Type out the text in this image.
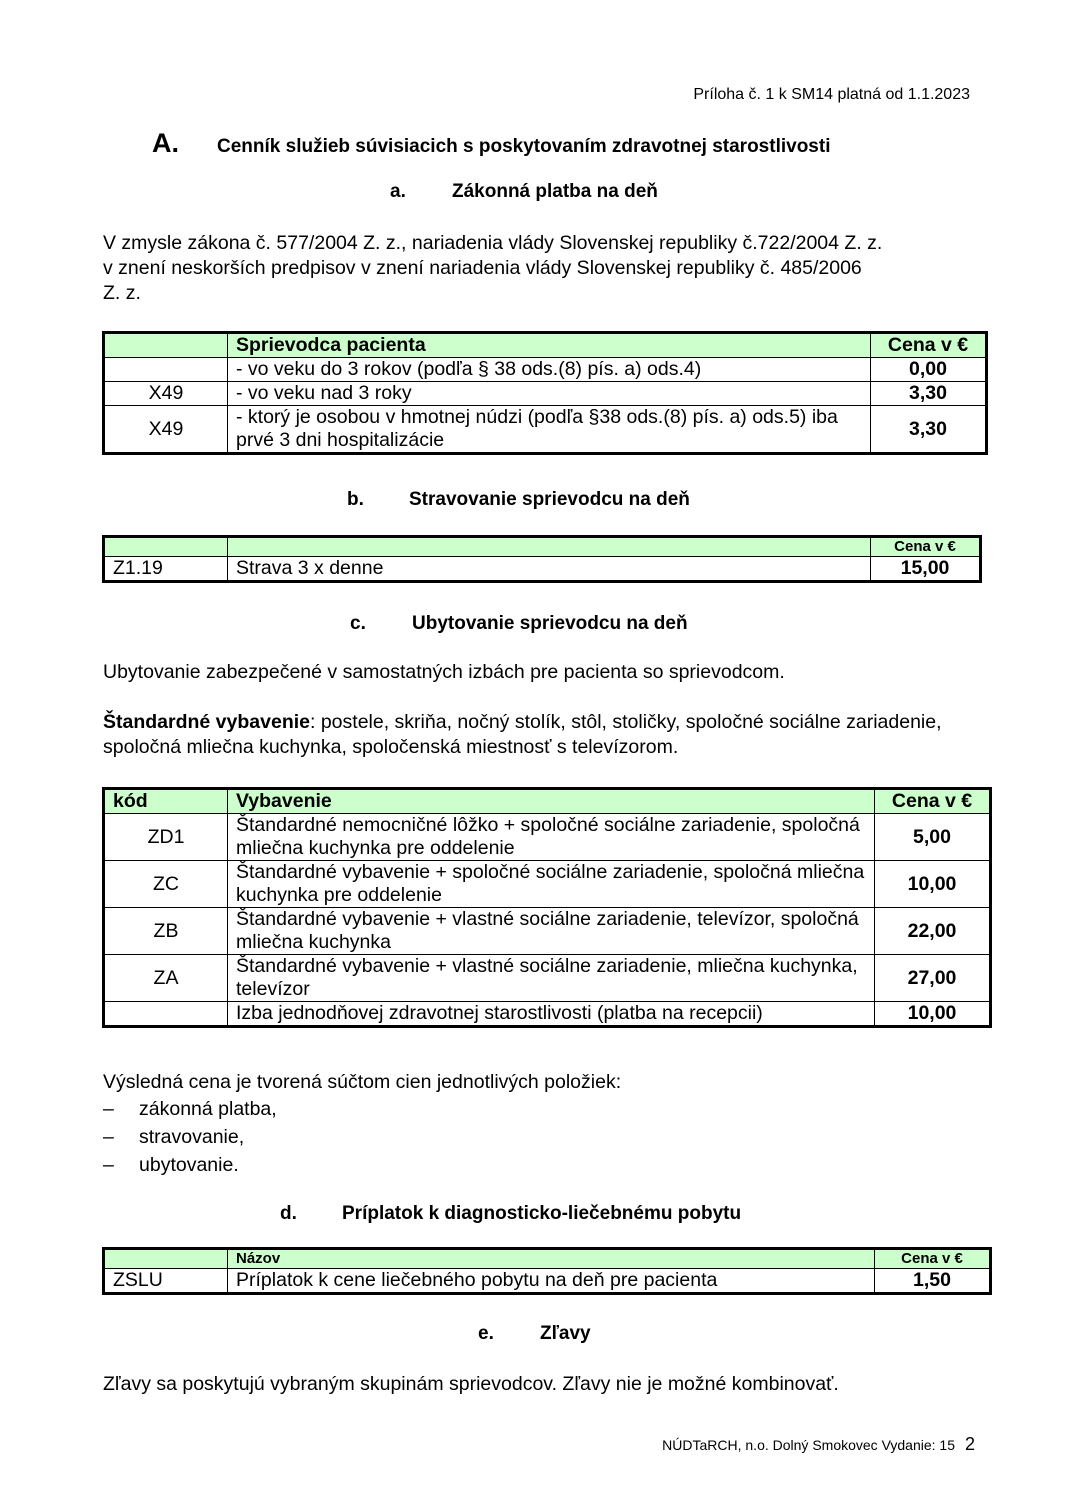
Príloha č. 1 k SM14 platná od 1.1.2023
A. Cenník služieb súvisiacich s poskytovaním zdravotnej starostlivosti
a. Zákonná platba na deň
V zmysle zákona č. 577/2004 Z. z., nariadenia vlády Slovenskej republiky č.722/2004 Z. z.
v znení neskorších predpisov v znení nariadenia vlády Slovenskej republiky č. 485/2006
Z. z.
	Sprievodca pacienta	Cena v €
	- vo veku do 3 rokov (podľa § 38 ods.(8) pís. a) ods.4)	0,00
X49	- vo veku nad 3 roky	3,30
X49	- ktorý je osobou v hmotnej núdzi (podľa §38 ods.(8) pís. a) ods.5) iba prvé 3 dni hospitalizácie	3,30
b. Stravovanie sprievodcu na deň
		Cena v €
Z1.19	Strava 3 x denne	15,00
c. Ubytovanie sprievodcu na deň
Ubytovanie zabezpečené v samostatných izbách pre pacienta so sprievodcom.
Štandardné vybavenie: postele, skriňa, nočný stolík, stôl, stoličky, spoločné sociálne zariadenie, spoločná mliečna kuchynka, spoločenská miestnosť s televízorom.
kód	Vybavenie	Cena v €
ZD1	Štandardné nemocničné lôžko + spoločné sociálne zariadenie, spoločná mliečna kuchynka pre oddelenie	5,00
ZC	Štandardné vybavenie + spoločné sociálne zariadenie, spoločná mliečna kuchynka pre oddelenie	10,00
ZB	Štandardné vybavenie + vlastné sociálne zariadenie, televízor, spoločná mliečna kuchynka	22,00
ZA	Štandardné vybavenie + vlastné sociálne zariadenie, mliečna kuchynka, televízor	27,00
	Izba jednodňovej zdravotnej starostlivosti (platba na recepcii)	10,00
Výsledná cena je tvorená súčtom cien jednotlivých položiek:
–	zákonná platba,
–	stravovanie,
–	ubytovanie.
d. Príplatok k diagnosticko-liečebnému pobytu
	Názov	Cena v €
ZSLU	Príplatok k cene liečebného pobytu na deň pre pacienta	1,50
e. Zľavy
Zľavy sa poskytujú vybraným skupinám sprievodcov. Zľavy nie je možné kombinovať.
NÚDTaRCH, n.o. Dolný Smokovec Vydanie: 15 2
